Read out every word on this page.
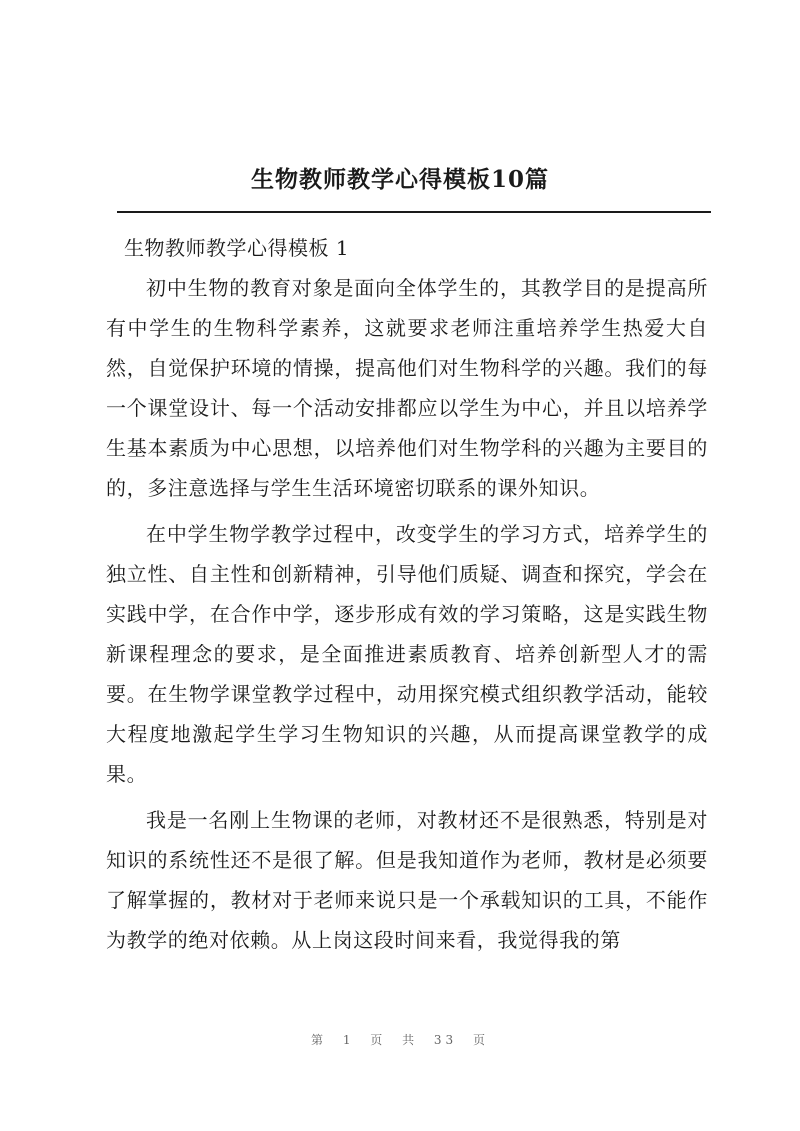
生物教师教学心得模板10篇

生物教师教学心得模板 1

初中生物的教育对象是面向全体学生的，其教学目的是提高所有中学生的生物科学素养，这就要求老师注重培养学生热爱大自然，自觉保护环境的情操，提高他们对生物科学的兴趣。我们的每一个课堂设计、每一个活动安排都应以学生为中心，并且以培养学生基本素质为中心思想，以培养他们对生物学科的兴趣为主要目的的，多注意选择与学生生活环境密切联系的课外知识。

在中学生物学教学过程中，改变学生的学习方式，培养学生的独立性、自主性和创新精神，引导他们质疑、调查和探究，学会在实践中学，在合作中学，逐步形成有效的学习策略，这是实践生物新课程理念的要求，是全面推进素质教育、培养创新型人才的需要。在生物学课堂教学过程中，动用探究模式组织教学活动，能较大程度地激起学生学习生物知识的兴趣，从而提高课堂教学的成果。

我是一名刚上生物课的老师，对教材还不是很熟悉，特别是对知识的系统性还不是很了解。但是我知道作为老师，教材是必须要了解掌握的，教材对于老师来说只是一个承载知识的工具，不能作为教学的绝对依赖。从上岗这段时间来看，我觉得我的第

第 1 页 共 33 页
